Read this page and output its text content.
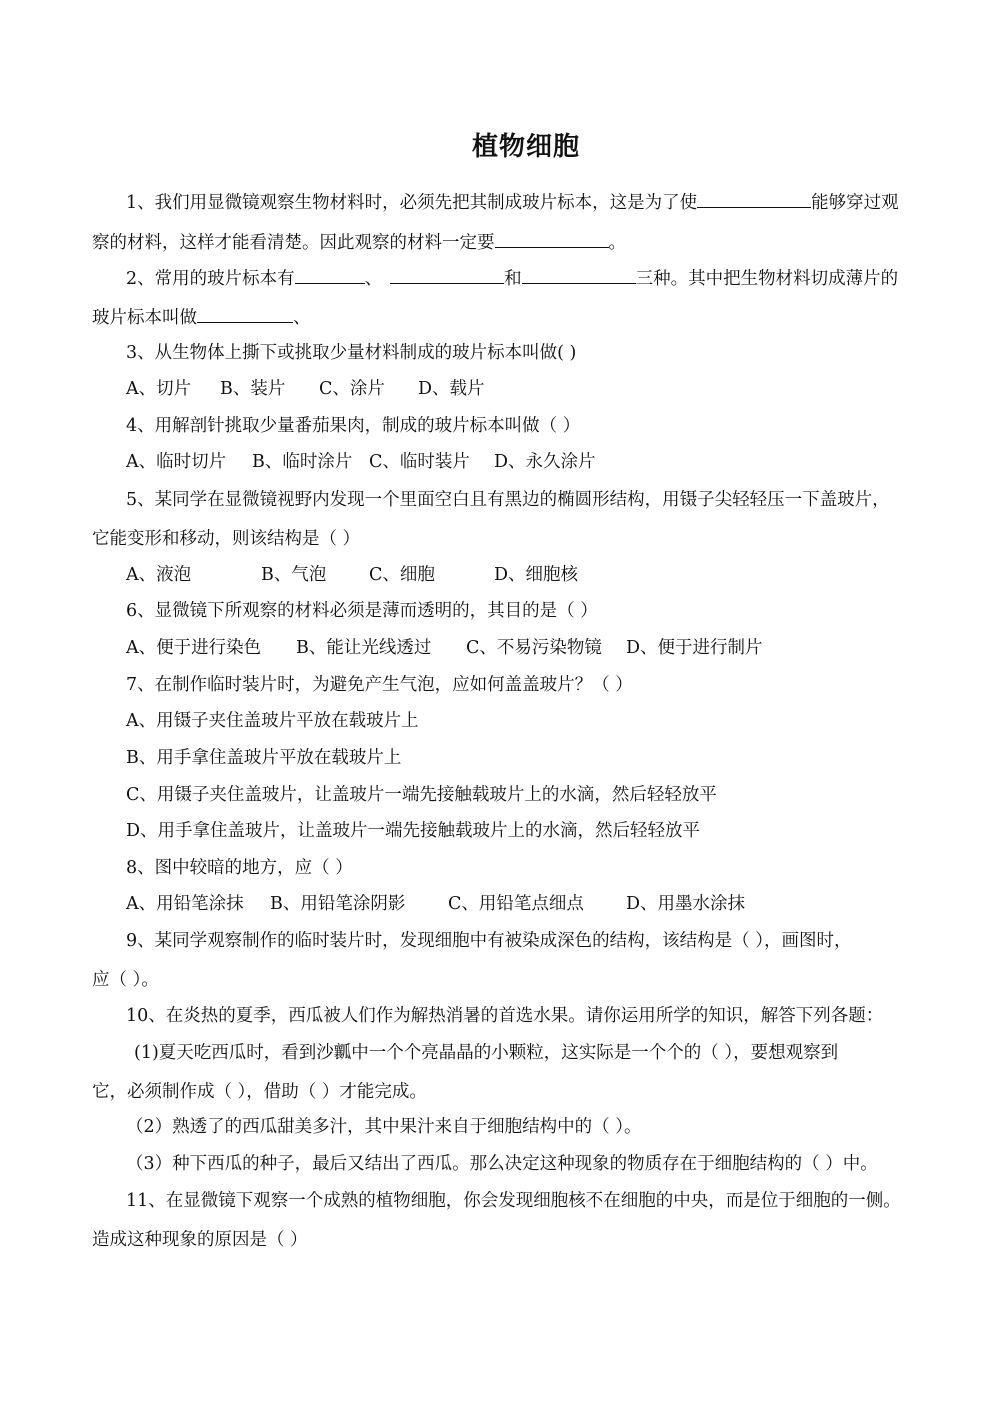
植物细胞
1、我们用显微镜观察生物材料时，必须先把其制成玻片标本，这是为了使	能够穿过观
察的材料，这样才能看清楚。因此观察的材料一定要	。
2、常用的玻片标本有	、	和	三种。其中把生物材料切成薄片的
玻片标本叫做	、
3、从生物体上撕下或挑取少量材料制成的玻片标本叫做( )
A、切片 B、装片 C、涂片 D、载片
4、用解剖针挑取少量番茄果肉，制成的玻片标本叫做（ ）
A、临时切片 B、临时涂片 C、临时装片 D、永久涂片
5、某同学在显微镜视野内发现一个里面空白且有黑边的椭圆形结构，用镊子尖轻轻压一下盖玻片，
它能变形和移动，则该结构是（ ）
A、液泡	B、气泡 C、细胞	D、细胞核
6、显微镜下所观察的材料必须是薄而透明的，其目的是（ ）
A、便于进行染色 B、能让光线透过 C、不易污染物镜 D、便于进行制片
7、在制作临时装片时，为避免产生气泡，应如何盖盖玻片？（ ）
A、用镊子夹住盖玻片平放在载玻片上
B、用手拿住盖玻片平放在载玻片上
C、用镊子夹住盖玻片，让盖玻片一端先接触载玻片上的水滴，然后轻轻放平
D、用手拿住盖玻片，让盖玻片一端先接触载玻片上的水滴，然后轻轻放平
8、图中较暗的地方，应（ ）
A、用铅笔涂抹 B、用铅笔涂阴影 C、用铅笔点细点 D、用墨水涂抹
9、某同学观察制作的临时装片时，发现细胞中有被染成深色的结构，该结构是（ ），画图时，
应（ ）。
10、在炎热的夏季，西瓜被人们作为解热消暑的首选水果。请你运用所学的知识，解答下列各题：
(1)夏天吃西瓜时，看到沙瓤中一个个亮晶晶的小颗粒，这实际是一个个的（ ），要想观察到
它，必须制作成（ ），借助（ ）才能完成。
（2）熟透了的西瓜甜美多汁，其中果汁来自于细胞结构中的（ ）。
（3）种下西瓜的种子，最后又结出了西瓜。那么决定这种现象的物质存在于细胞结构的（ ）中。
11、在显微镜下观察一个成熟的植物细胞，你会发现细胞核不在细胞的中央，而是位于细胞的一侧。
造成这种现象的原因是（ ）
